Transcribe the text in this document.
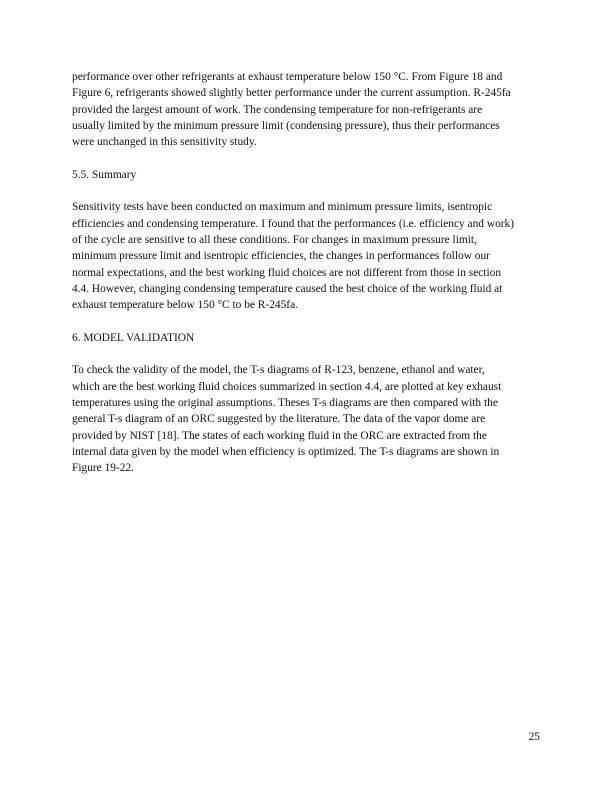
performance over other refrigerants at exhaust temperature below 150 °C. From Figure 18 and
Figure 6, refrigerants showed slightly better performance under the current assumption. R-245fa
provided the largest amount of work. The condensing temperature for non-refrigerants are
usually limited by the minimum pressure limit (condensing pressure), thus their performances
were unchanged in this sensitivity study.

5.5. Summary

Sensitivity tests have been conducted on maximum and minimum pressure limits, isentropic
efficiencies and condensing temperature. I found that the performances (i.e. efficiency and work)
of the cycle are sensitive to all these conditions. For changes in maximum pressure limit,
minimum pressure limit and isentropic efficiencies, the changes in performances follow our
normal expectations, and the best working fluid choices are not different from those in section
4.4. However, changing condensing temperature caused the best choice of the working fluid at
exhaust temperature below 150 °C to be R-245fa.

6. MODEL VALIDATION

To check the validity of the model, the T-s diagrams of R-123, benzene, ethanol and water,
which are the best working fluid choices summarized in section 4.4, are plotted at key exhaust
temperatures using the original assumptions. Theses T-s diagrams are then compared with the
general T-s diagram of an ORC suggested by the literature. The data of the vapor dome are
provided by NIST [18]. The states of each working fluid in the ORC are extracted from the
internal data given by the model when efficiency is optimized. The T-s diagrams are shown in
Figure 19-22.

25
